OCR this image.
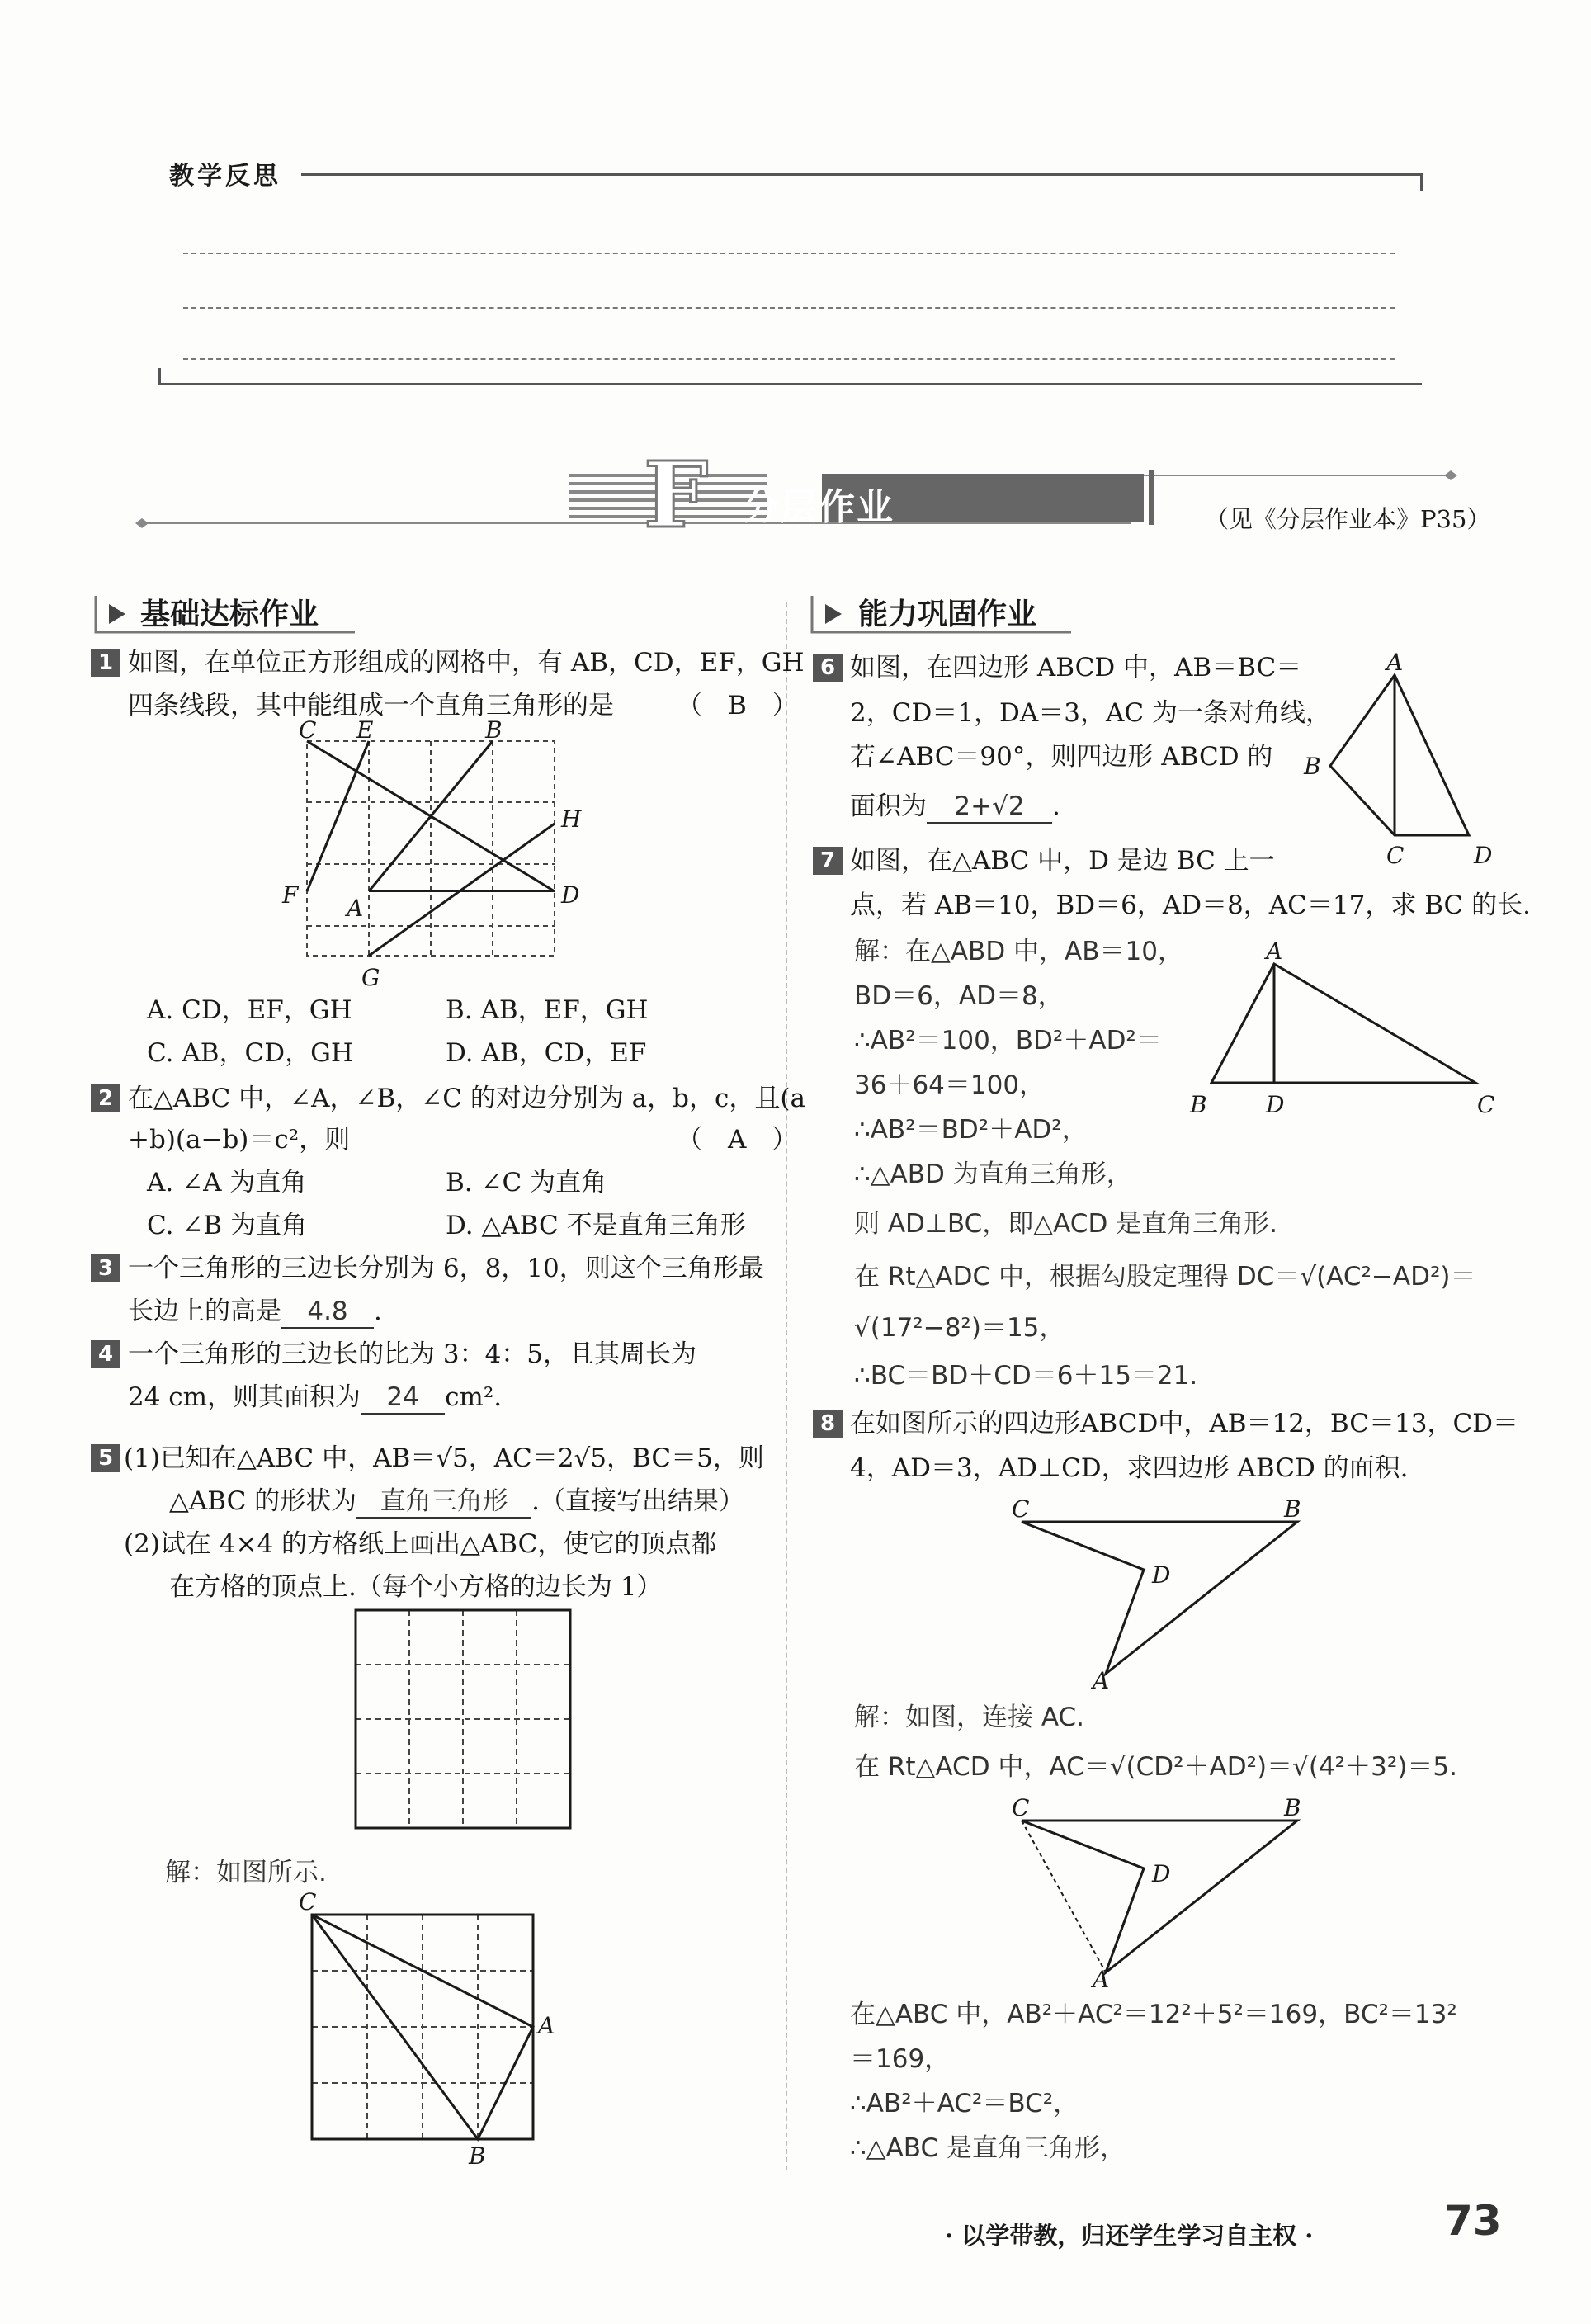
教学反思
F 分层作业	（见《分层作业本》P35）
基础达标作业	能力巩固作业
1 如图，在单位正方形组成的网格中，有 AB，CD，EF，GH
四条线段，其中能组成一个直角三角形的是 （　B　）
C E	B
H
F A	D
G
A. CD，EF，GH	B. AB，EF，GH
C. AB，CD，GH	D. AB，CD，EF
2 在△ABC 中，∠A，∠B，∠C 的对边分别为 a，b，c，且(a
+b)(a−b)＝c²，则	（　A　）
A. ∠A 为直角	B. ∠C 为直角
C. ∠B 为直角	D. △ABC 不是直角三角形
3 一个三角形的三边长分别为 6，8，10，则这个三角形最
长边上的高是 4.8 .
4 一个三角形的三边长的比为 3：4：5，且其周长为
24 cm，则其面积为 24 cm².
5 (1)已知在△ABC 中，AB＝√5，AC＝2√5，BC＝5，则
△ABC 的形状为 直角三角形 .（直接写出结果）
(2)试在 4×4 的方格纸上画出△ABC，使它的顶点都
在方格的顶点上.（每个小方格的边长为 1）
解：如图所示.
C
A
B
6 如图，在四边形 ABCD 中，AB＝BC＝
2，CD＝1，DA＝3，AC 为一条对角线，
若∠ABC＝90°，则四边形 ABCD 的
面积为 2+√2 .
A
B
C	D
7 如图，在△ABC 中，D 是边 BC 上一
点，若 AB＝10，BD＝6，AD＝8，AC＝17，求 BC 的长.
解：在△ABD 中，AB＝10，
BD＝6，AD＝8，
∴AB²＝100，BD²＋AD²＝
36＋64＝100，
∴AB²＝BD²＋AD²，
∴△ABD 为直角三角形，
则 AD⊥BC，即△ACD 是直角三角形.
在 Rt△ADC 中，根据勾股定理得 DC＝√(AC²−AD²)＝
√(17²−8²)＝15，
∴BC＝BD＋CD＝6＋15＝21.
A
B	D	C
8 在如图所示的四边形ABCD中，AB＝12，BC＝13，CD＝
4，AD＝3，AD⊥CD，求四边形 ABCD 的面积.
C	B
D
A
解：如图，连接 AC.
在 Rt△ACD 中，AC＝√(CD²＋AD²)＝√(4²＋3²)＝5.
C	B
D
A
在△ABC 中，AB²＋AC²＝12²＋5²＝169，BC²＝13²
＝169，
∴AB²＋AC²＝BC²，
∴△ABC 是直角三角形，
· 以学带教，归还学生学习自主权 ·	73
